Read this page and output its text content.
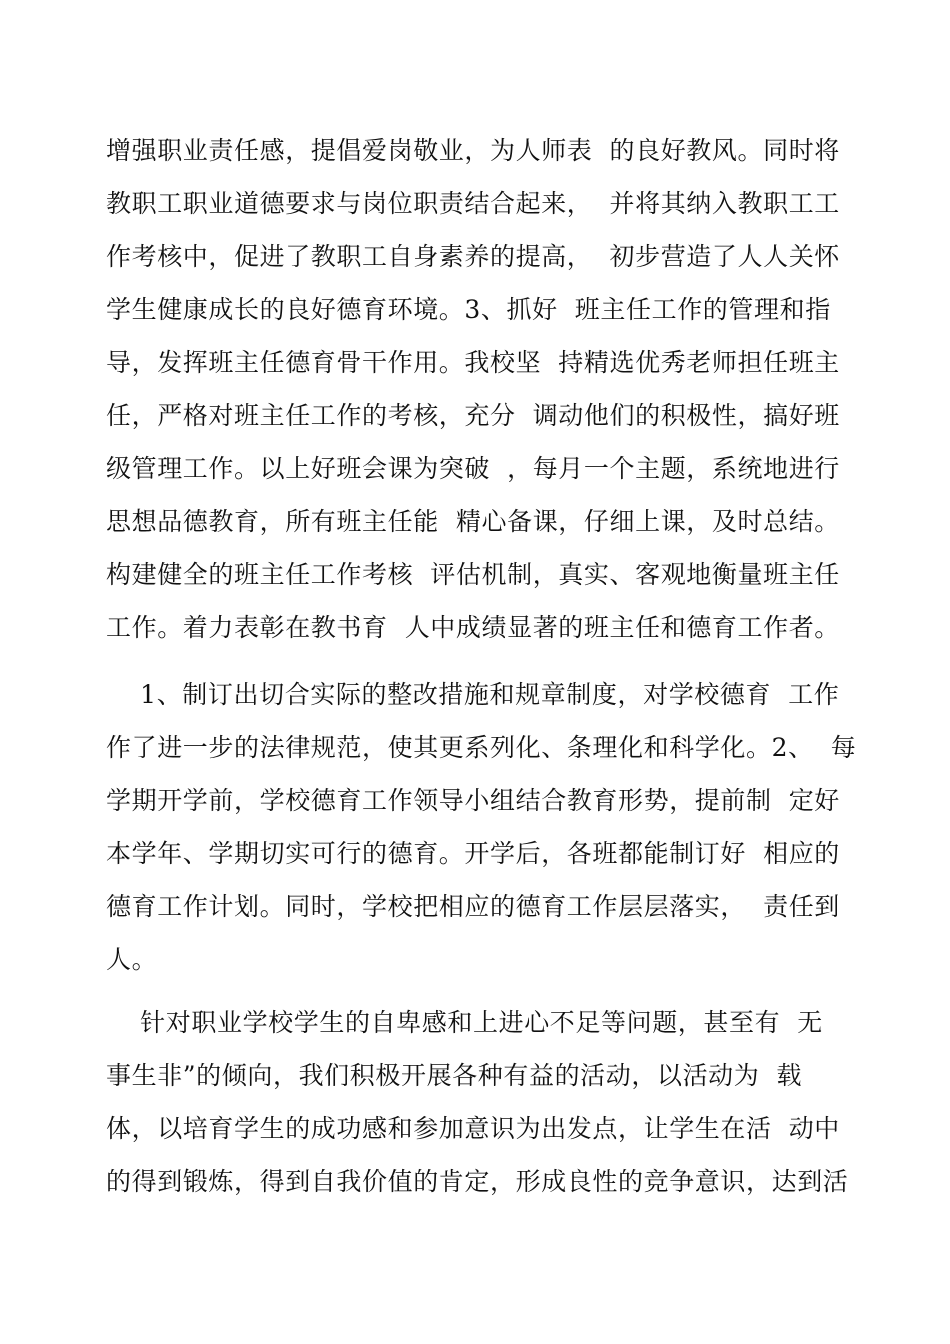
增强职业责任感，提倡爱岗敬业，为人师表  的良好教风。同时将
教职工职业道德要求与岗位职责结合起来，  并将其纳入教职工工
作考核中，促进了教职工自身素养的提高，  初步营造了人人关怀
学生健康成长的良好德育环境。3、抓好  班主任工作的管理和指
导，发挥班主任德育骨干作用。我校坚  持精选优秀老师担任班主
任，严格对班主任工作的考核，充分  调动他们的积极性，搞好班
级管理工作。以上好班会课为突破  ，每月一个主题，系统地进行
思想品德教育，所有班主任能  精心备课，仔细上课，及时总结。
构建健全的班主任工作考核  评估机制，真实、客观地衡量班主任
工作。着力表彰在教书育  人中成绩显著的班主任和德育工作者。
1、制订出切合实际的整改措施和规章制度，对学校德育  工作
作了进一步的法律规范，使其更系列化、条理化和科学化。2、  每
学期开学前，学校德育工作领导小组结合教育形势，提前制  定好
本学年、学期切实可行的德育。开学后，各班都能制订好  相应的
德育工作计划。同时，学校把相应的德育工作层层落实，  责任到
人。
针对职业学校学生的自卑感和上进心不足等问题，甚至有  无
事生非”的倾向，我们积极开展各种有益的活动，以活动为  载
体，以培育学生的成功感和参加意识为出发点，让学生在活  动中
的得到锻炼，得到自我价值的肯定，形成良性的竞争意识，达到活
